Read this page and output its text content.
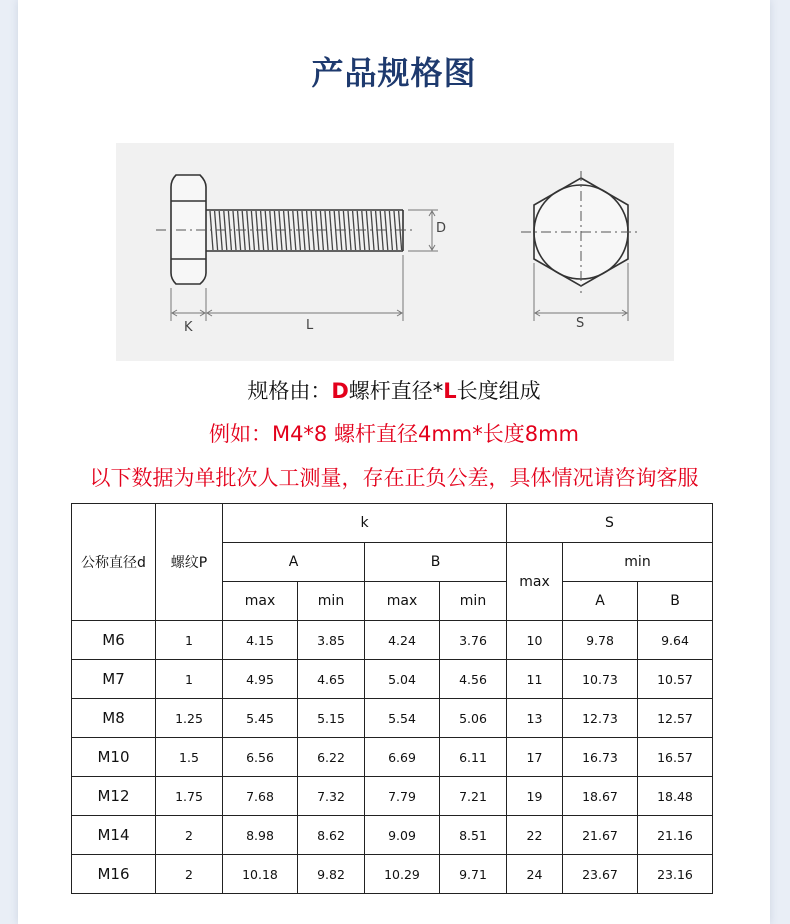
产品规格图
D
K	L	S
规格由：D螺杆直径*L长度组成
例如：M4*8 螺杆直径4mm*长度8mm
以下数据为单批次人工测量，存在正负公差，具体情况请咨询客服
公称直径d	螺纹P	k				S		
		A		B		max	min	
		max	min	max	min		A	B
M6	1	4.15	3.85	4.24	3.76	10	9.78	9.64
M7	1	4.95	4.65	5.04	4.56	11	10.73	10.57
M8	1.25	5.45	5.15	5.54	5.06	13	12.73	12.57
M10	1.5	6.56	6.22	6.69	6.11	17	16.73	16.57
M12	1.75	7.68	7.32	7.79	7.21	19	18.67	18.48
M14	2	8.98	8.62	9.09	8.51	22	21.67	21.16
M16	2	10.18	9.82	10.29	9.71	24	23.67	23.16
